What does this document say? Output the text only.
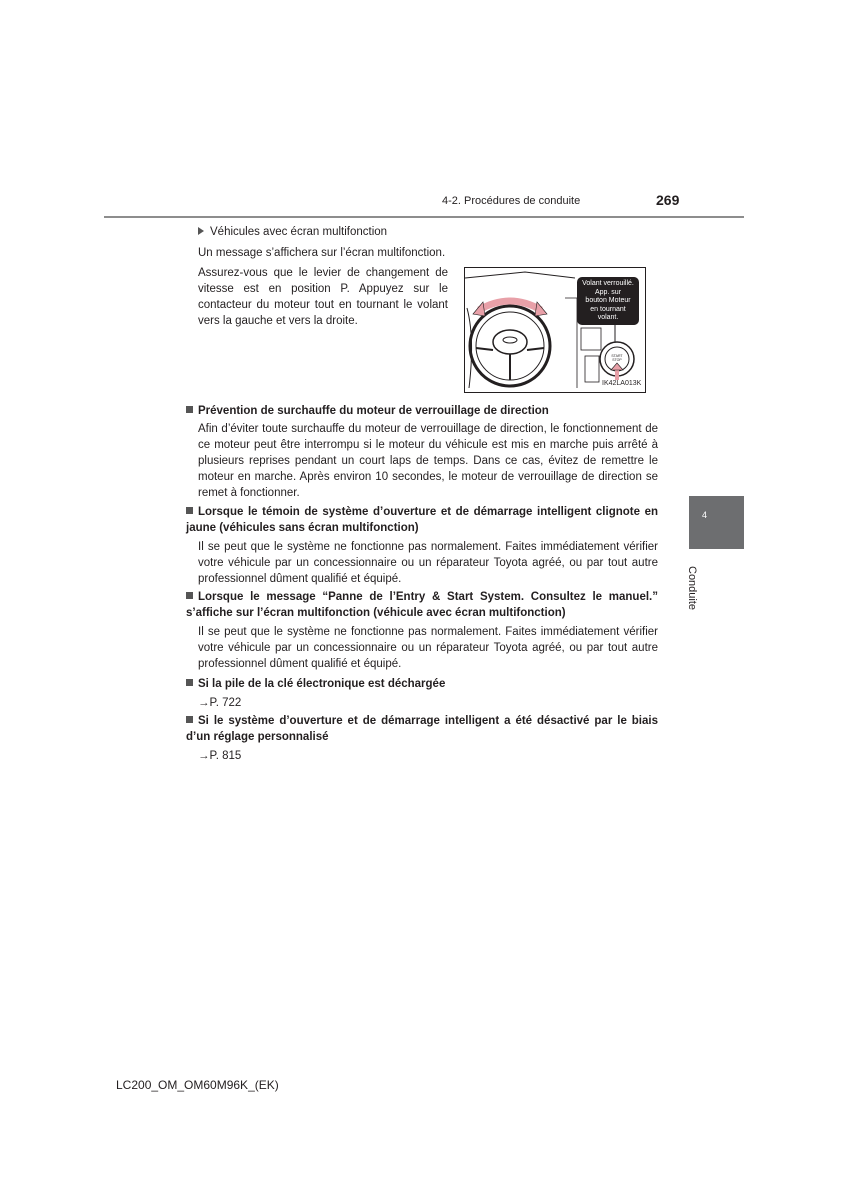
4-2. Procédures de conduite	269
Véhicules avec écran multifonction
Un message s’affichera sur l’écran multifonction.
Assurez-vous que le levier de changement de vitesse est en position P. Appuyez sur le contacteur du moteur tout en tournant le volant vers la gauche et vers la droite.
START
STOP
Volant verrouillé.
App. sur
bouton Moteur
en tournant
volant.
IK42LA013K
Prévention de surchauffe du moteur de verrouillage de direction
Afin d’éviter toute surchauffe du moteur de verrouillage de direction, le fonctionnement de ce moteur peut être interrompu si le moteur du véhicule est mis en marche puis arrêté à plusieurs reprises pendant un court laps de temps. Dans ce cas, évitez de remettre le moteur en marche. Après environ 10 secondes, le moteur de verrouillage de direction se remet à fonctionner.
Lorsque le témoin de système d’ouverture et de démarrage intelligent clignote en jaune (véhicules sans écran multifonction)
Il se peut que le système ne fonctionne pas normalement. Faites immédiatement vérifier votre véhicule par un concessionnaire ou un réparateur Toyota agréé, ou par tout autre professionnel dûment qualifié et équipé.
Lorsque le message “Panne de l’Entry & Start System. Consultez le manuel.” s’affiche sur l’écran multifonction (véhicule avec écran multifonction)
Il se peut que le système ne fonctionne pas normalement. Faites immédiatement vérifier votre véhicule par un concessionnaire ou un réparateur Toyota agréé, ou par tout autre professionnel dûment qualifié et équipé.
Si la pile de la clé électronique est déchargée
→P. 722
Si le système d’ouverture et de démarrage intelligent a été désactivé par le biais d’un réglage personnalisé
→P. 815
4
Conduite
LC200_OM_OM60M96K_(EK)
